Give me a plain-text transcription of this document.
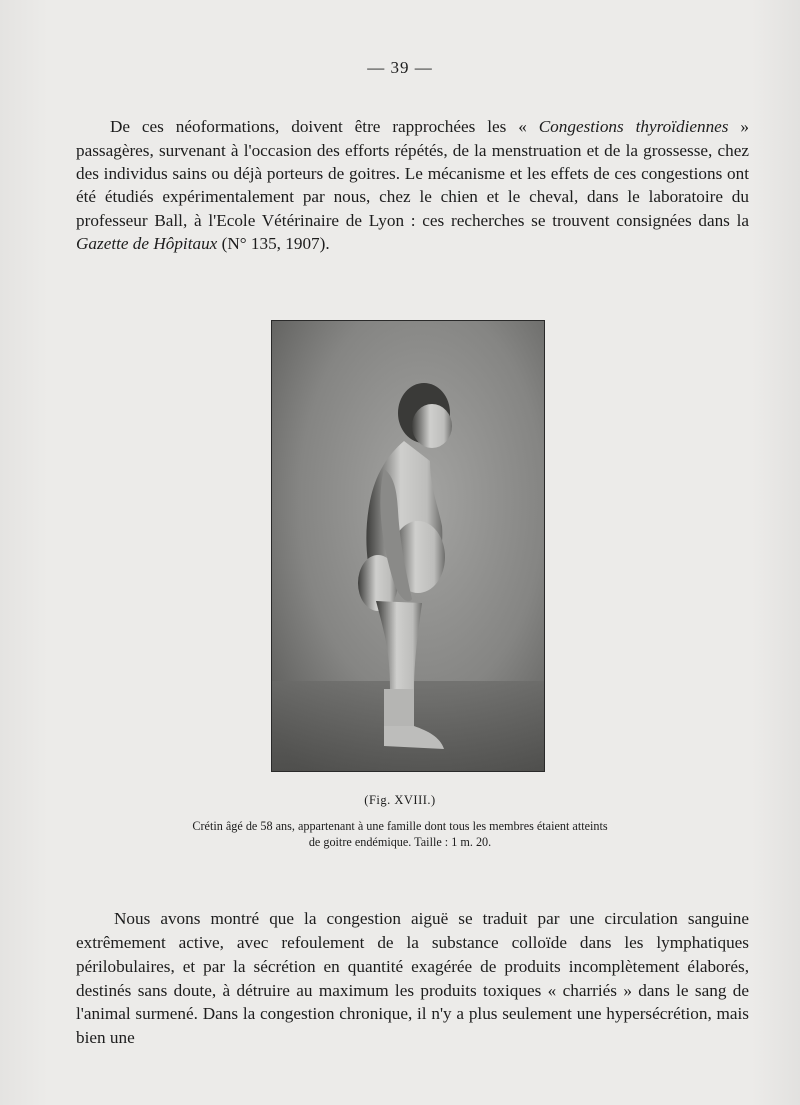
— 39 —

De ces néoformations, doivent être rapprochées les « Congestions thyroïdiennes » passagères, survenant à l'occasion des efforts répétés, de la menstruation et de la grossesse, chez des individus sains ou déjà porteurs de goitres. Le mécanisme et les effets de ces congestions ont été étudiés expérimentalement par nous, chez le chien et le cheval, dans le laboratoire du professeur Ball, à l'Ecole Vétérinaire de Lyon : ces recherches se trouvent consignées dans la Gazette de Hôpitaux (N° 135, 1907).

(Fig. XVIII.)
Crétin âgé de 58 ans, appartenant à une famille dont tous les membres étaient atteints
de goitre endémique. Taille : 1 m. 20.

Nous avons montré que la congestion aiguë se traduit par une circulation sanguine extrêmement active, avec refoulement de la substance colloïde dans les lymphatiques périlobulaires, et par la sécrétion en quantité exagérée de produits incomplètement élaborés, destinés sans doute, à détruire au maximum les produits toxiques « charriés » dans le sang de l'animal surmené. Dans la congestion chronique, il n'y a plus seulement une hypersécrétion, mais bien une
